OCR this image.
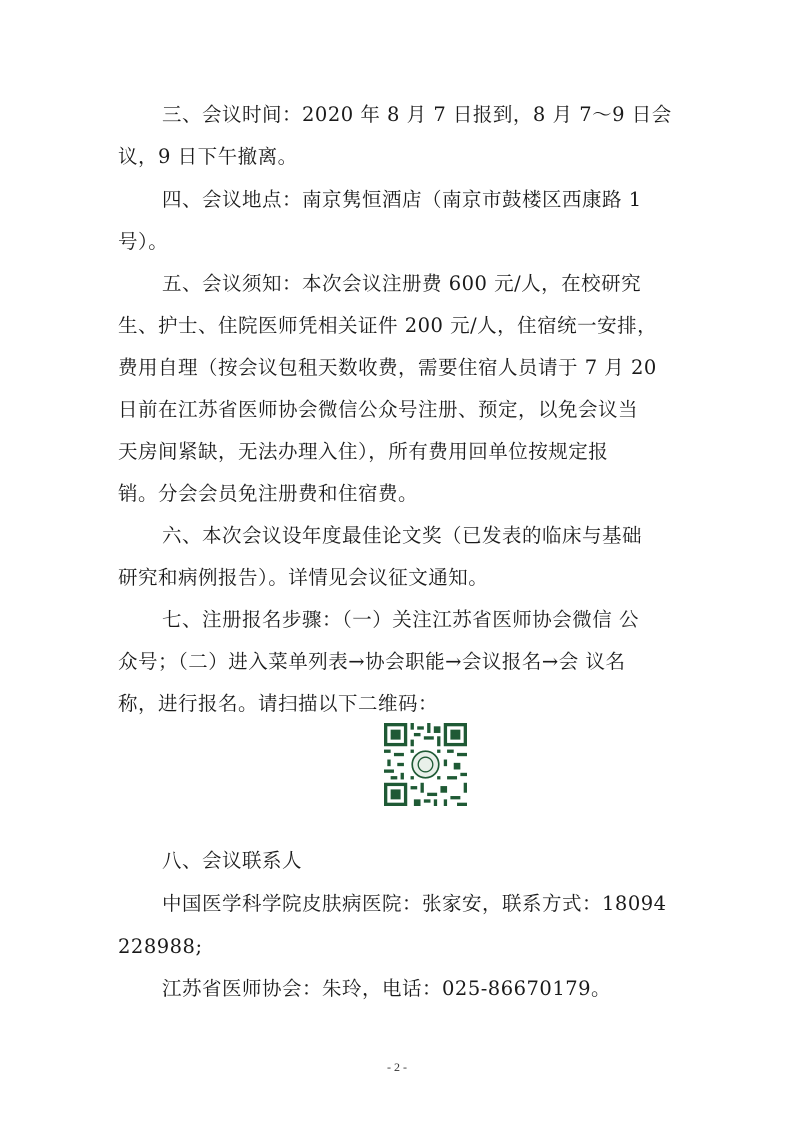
三、会议时间：2020 年 8 月 7 日报到，8 月 7～9 日会
议，9 日下午撤离。
四、会议地点：南京隽恒酒店（南京市鼓楼区西康路 1
号）。
五、会议须知：本次会议注册费 600 元/人，在校研究
生、护士、住院医师凭相关证件 200 元/人，住宿统一安排，
费用自理（按会议包租天数收费，需要住宿人员请于 7 月 20
日前在江苏省医师协会微信公众号注册、预定，以免会议当
天房间紧缺，无法办理入住），所有费用回单位按规定报
销。分会会员免注册费和住宿费。
六、本次会议设年度最佳论文奖（已发表的临床与基础
研究和病例报告）。详情见会议征文通知。
七、注册报名步骤：（一）关注江苏省医师协会微信 公
众号；（二）进入菜单列表→协会职能→会议报名→会 议名
称，进行报名。请扫描以下二维码：
八、会议联系人
中国医学科学院皮肤病医院：张家安，联系方式：18094
228988;
江苏省医师协会：朱玲，电话：025-86670179。
- 2 -
